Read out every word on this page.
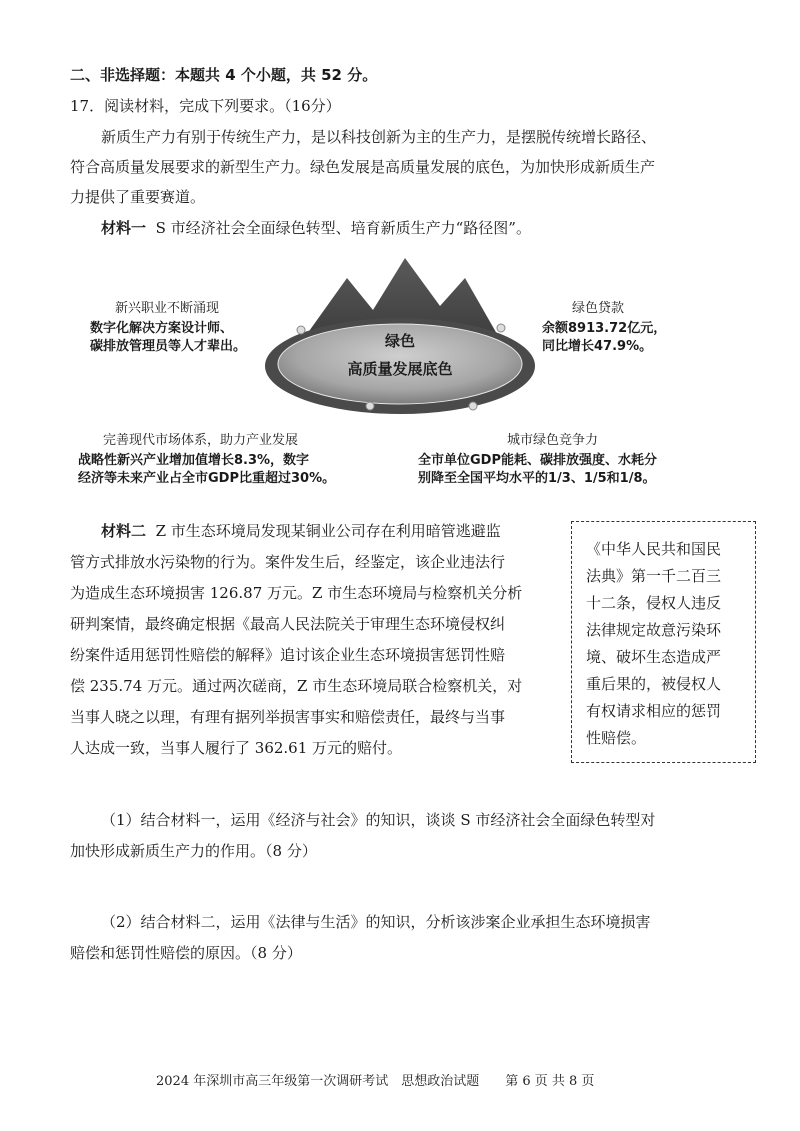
二、非选择题：本题共 4 个小题，共 52 分。
17．阅读材料，完成下列要求。（16分）
新质生产力有别于传统生产力，是以科技创新为主的生产力，是摆脱传统增长路径、
符合高质量发展要求的新型生产力。绿色发展是高质量发展的底色，为加快形成新质生产
力提供了重要赛道。
材料一 S 市经济社会全面绿色转型、培育新质生产力“路径图”。
绿色
高质量发展底色
新兴职业不断涌现
数字化解决方案设计师、
碳排放管理员等人才辈出。
绿色贷款
余额8913.72亿元，
同比增长47.9%。
完善现代市场体系，助力产业发展
战略性新兴产业增加值增长8.3%，数字
经济等未来产业占全市GDP比重超过30%。
城市绿色竞争力
全市单位GDP能耗、碳排放强度、水耗分
别降至全国平均水平的1/3、1/5和1/8。
材料二 Z 市生态环境局发现某铜业公司存在利用暗管逃避监
管方式排放水污染物的行为。案件发生后，经鉴定，该企业违法行
为造成生态环境损害 126.87 万元。Z 市生态环境局与检察机关分析
研判案情，最终确定根据《最高人民法院关于审理生态环境侵权纠
纷案件适用惩罚性赔偿的解释》追讨该企业生态环境损害惩罚性赔
偿 235.74 万元。通过两次磋商，Z 市生态环境局联合检察机关，对
当事人晓之以理，有理有据列举损害事实和赔偿责任，最终与当事
人达成一致，当事人履行了 362.61 万元的赔付。
《中华人民共和国民
法典》第一千二百三
十二条，侵权人违反
法律规定故意污染环
境、破坏生态造成严
重后果的，被侵权人
有权请求相应的惩罚
性赔偿。
（1）结合材料一，运用《经济与社会》的知识，谈谈 S 市经济社会全面绿色转型对
加快形成新质生产力的作用。（8 分）
（2）结合材料二，运用《法律与生活》的知识，分析该涉案企业承担生态环境损害
赔偿和惩罚性赔偿的原因。（8 分）
2024 年深圳市高三年级第一次调研考试　思想政治试题　　第 6 页 共 8 页
